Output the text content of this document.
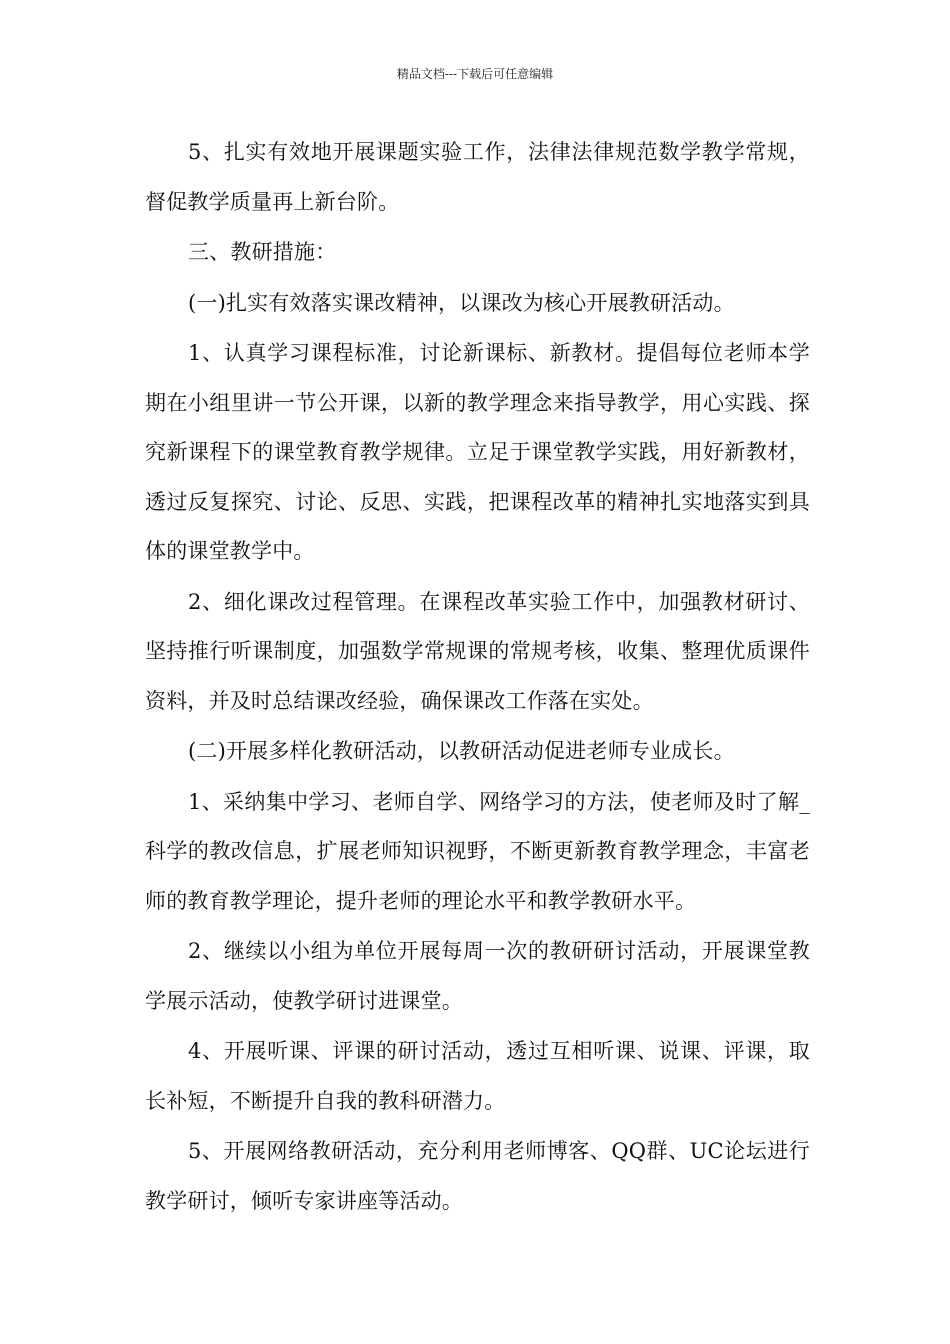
精品文档---下载后可任意编辑

5、扎实有效地开展课题实验工作，法律法律规范数学教学常规，督促教学质量再上新台阶。

三、教研措施：

(一)扎实有效落实课改精神，以课改为核心开展教研活动。

1、认真学习课程标准，讨论新课标、新教材。提倡每位老师本学期在小组里讲一节公开课，以新的教学理念来指导教学，用心实践、探究新课程下的课堂教育教学规律。立足于课堂教学实践，用好新教材，透过反复探究、讨论、反思、实践，把课程改革的精神扎实地落实到具体的课堂教学中。

2、细化课改过程管理。在课程改革实验工作中，加强教材研讨、坚持推行听课制度，加强数学常规课的常规考核，收集、整理优质课件资料，并及时总结课改经验，确保课改工作落在实处。

(二)开展多样化教研活动，以教研活动促进老师专业成长。

1、采纳集中学习、老师自学、网络学习的方法，使老师及时了解_科学的教改信息，扩展老师知识视野，不断更新教育教学理念，丰富老师的教育教学理论，提升老师的理论水平和教学教研水平。

2、继续以小组为单位开展每周一次的教研研讨活动，开展课堂教学展示活动，使教学研讨进课堂。

4、开展听课、评课的研讨活动，透过互相听课、说课、评课，取长补短，不断提升自我的教科研潜力。

5、开展网络教研活动，充分利用老师博客、QQ群、UC论坛进行教学研讨，倾听专家讲座等活动。
